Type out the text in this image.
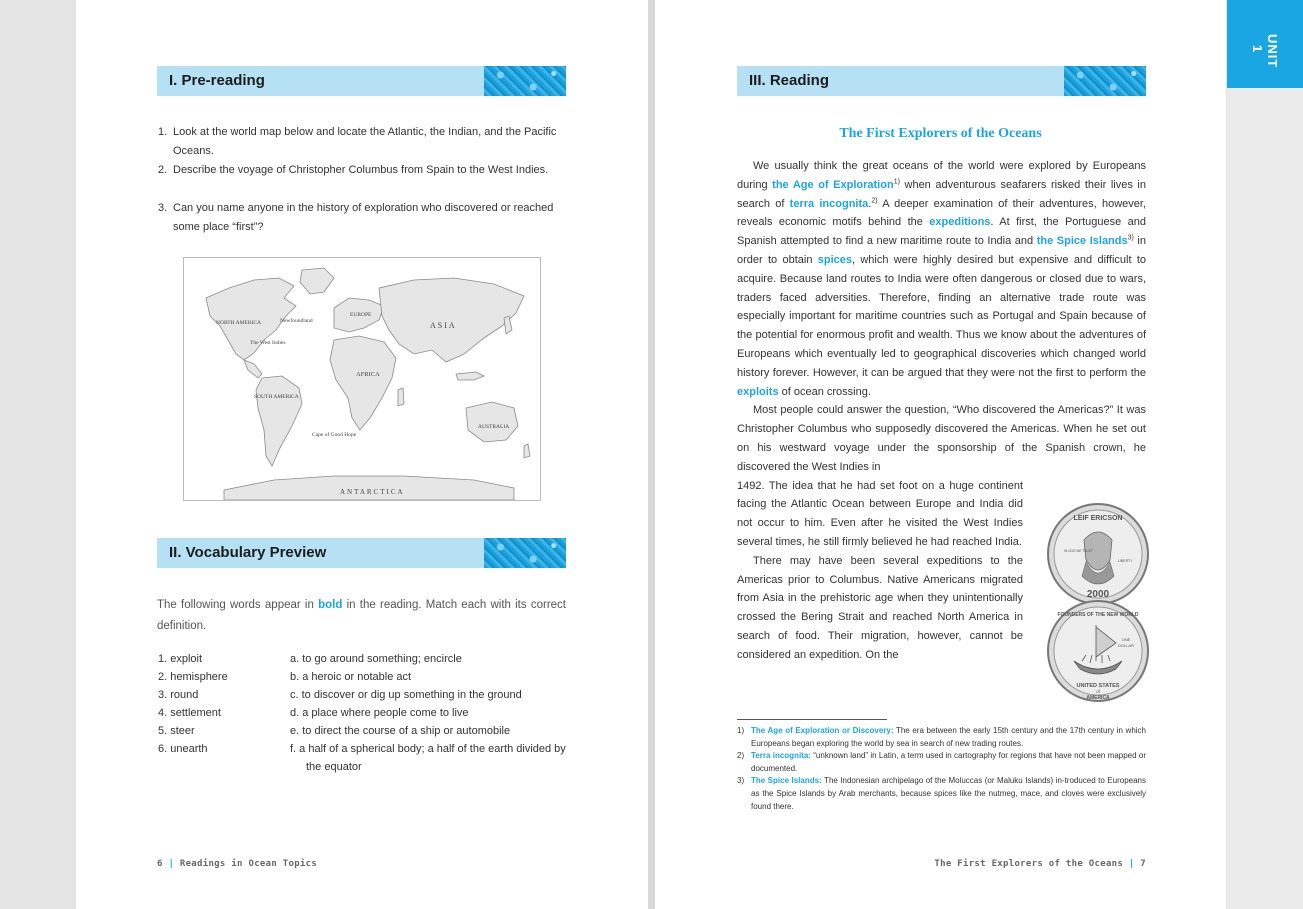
I. Pre-reading
1. Look at the world map below and locate the Atlantic, the Indian, and the Pacific Oceans.
2. Describe the voyage of Christopher Columbus from Spain to the West Indies.
3. Can you name anyone in the history of exploration who discovered or reached some place “first”?
NORTH AMERICA	Newfoundland
EUROPE
ASIA
The West Indies
AFRICA
SOUTH AMERICA
Cape of Good Hope
AUSTRALIA
ANTARCTICA
II. Vocabulary Preview
The following words appear in bold in the reading. Match each with its correct definition.
1. exploit
2. hemisphere
3. round
4. settlement
5. steer
6. unearth
a. to go around something; encircle
b. a heroic or notable act
c. to discover or dig up something in the ground
d. a place where people come to live
e. to direct the course of a ship or automobile
f. a half of a spherical body; a half of the earth divided by the equator
6 | Readings in Ocean Topics
III. Reading
The First Explorers of the Oceans

We usually think the great oceans of the world were explored by Europeans during the Age of Exploration$^{1)}$ when adventurous seafarers risked their lives in search of terra incognita.$^{2)}$ A deeper examination of their adventures, however, reveals economic motifs behind the expeditions. At first, the Portuguese and Spanish attempted to find a new maritime route to India and the Spice Islands$^{3)}$ in order to obtain spices, which were highly desired but expensive and difficult to acquire. Because land routes to India were often dangerous or closed due to wars, traders faced adversities. Therefore, finding an alternative trade route was especially important for maritime countries such as Portugal and Spain because of the potential for enormous profit and wealth. Thus we know about the adventures of Europeans which eventually led to geographical discoveries which changed world history forever. However, it can be argued that they were not the first to perform the exploits of ocean crossing.

Most people could answer the question, “Who discovered the Americas?” It was Christopher Columbus who supposedly discovered the Americas. When he set out on his westward voyage under the sponsorship of the Spanish crown, he discovered the West Indies in

1492. The idea that he had set foot on a huge continent facing the Atlantic Ocean between Europe and India did not occur to him. Even after he visited the West Indies several times, he still firmly believed he had reached India.

There may have been several expeditions to the Americas prior to Columbus. Native Americans migrated from Asia in the prehistoric age when they unintentionally crossed the Bering Strait and reached North America in search of food. Their migration, however, cannot be considered an expedition. On the

LEIF ERICSON
IN GOD WE TRUST
LIBERTY
2000
FOUNDERS OF THE NEW WORLD
ONE
DOLLAR
UNITED STATES
of
AMERICA
1) The Age of Exploration or Discovery: The era between the early 15th century and the 17th century in which Europeans began exploring the world by sea in search of new trading routes.
2) Terra incognita: “unknown land” in Latin, a term used in cartography for regions that have not been mapped or documented.
3) The Spice Islands: The Indonesian archipelago of the Moluccas (or Maluku Islands) in-troduced to Europeans as the Spice Islands by Arab merchants, because spices like the nutmeg, mace, and cloves were exclusively found there.
The First Explorers of the Oceans | 7
UNIT 1
